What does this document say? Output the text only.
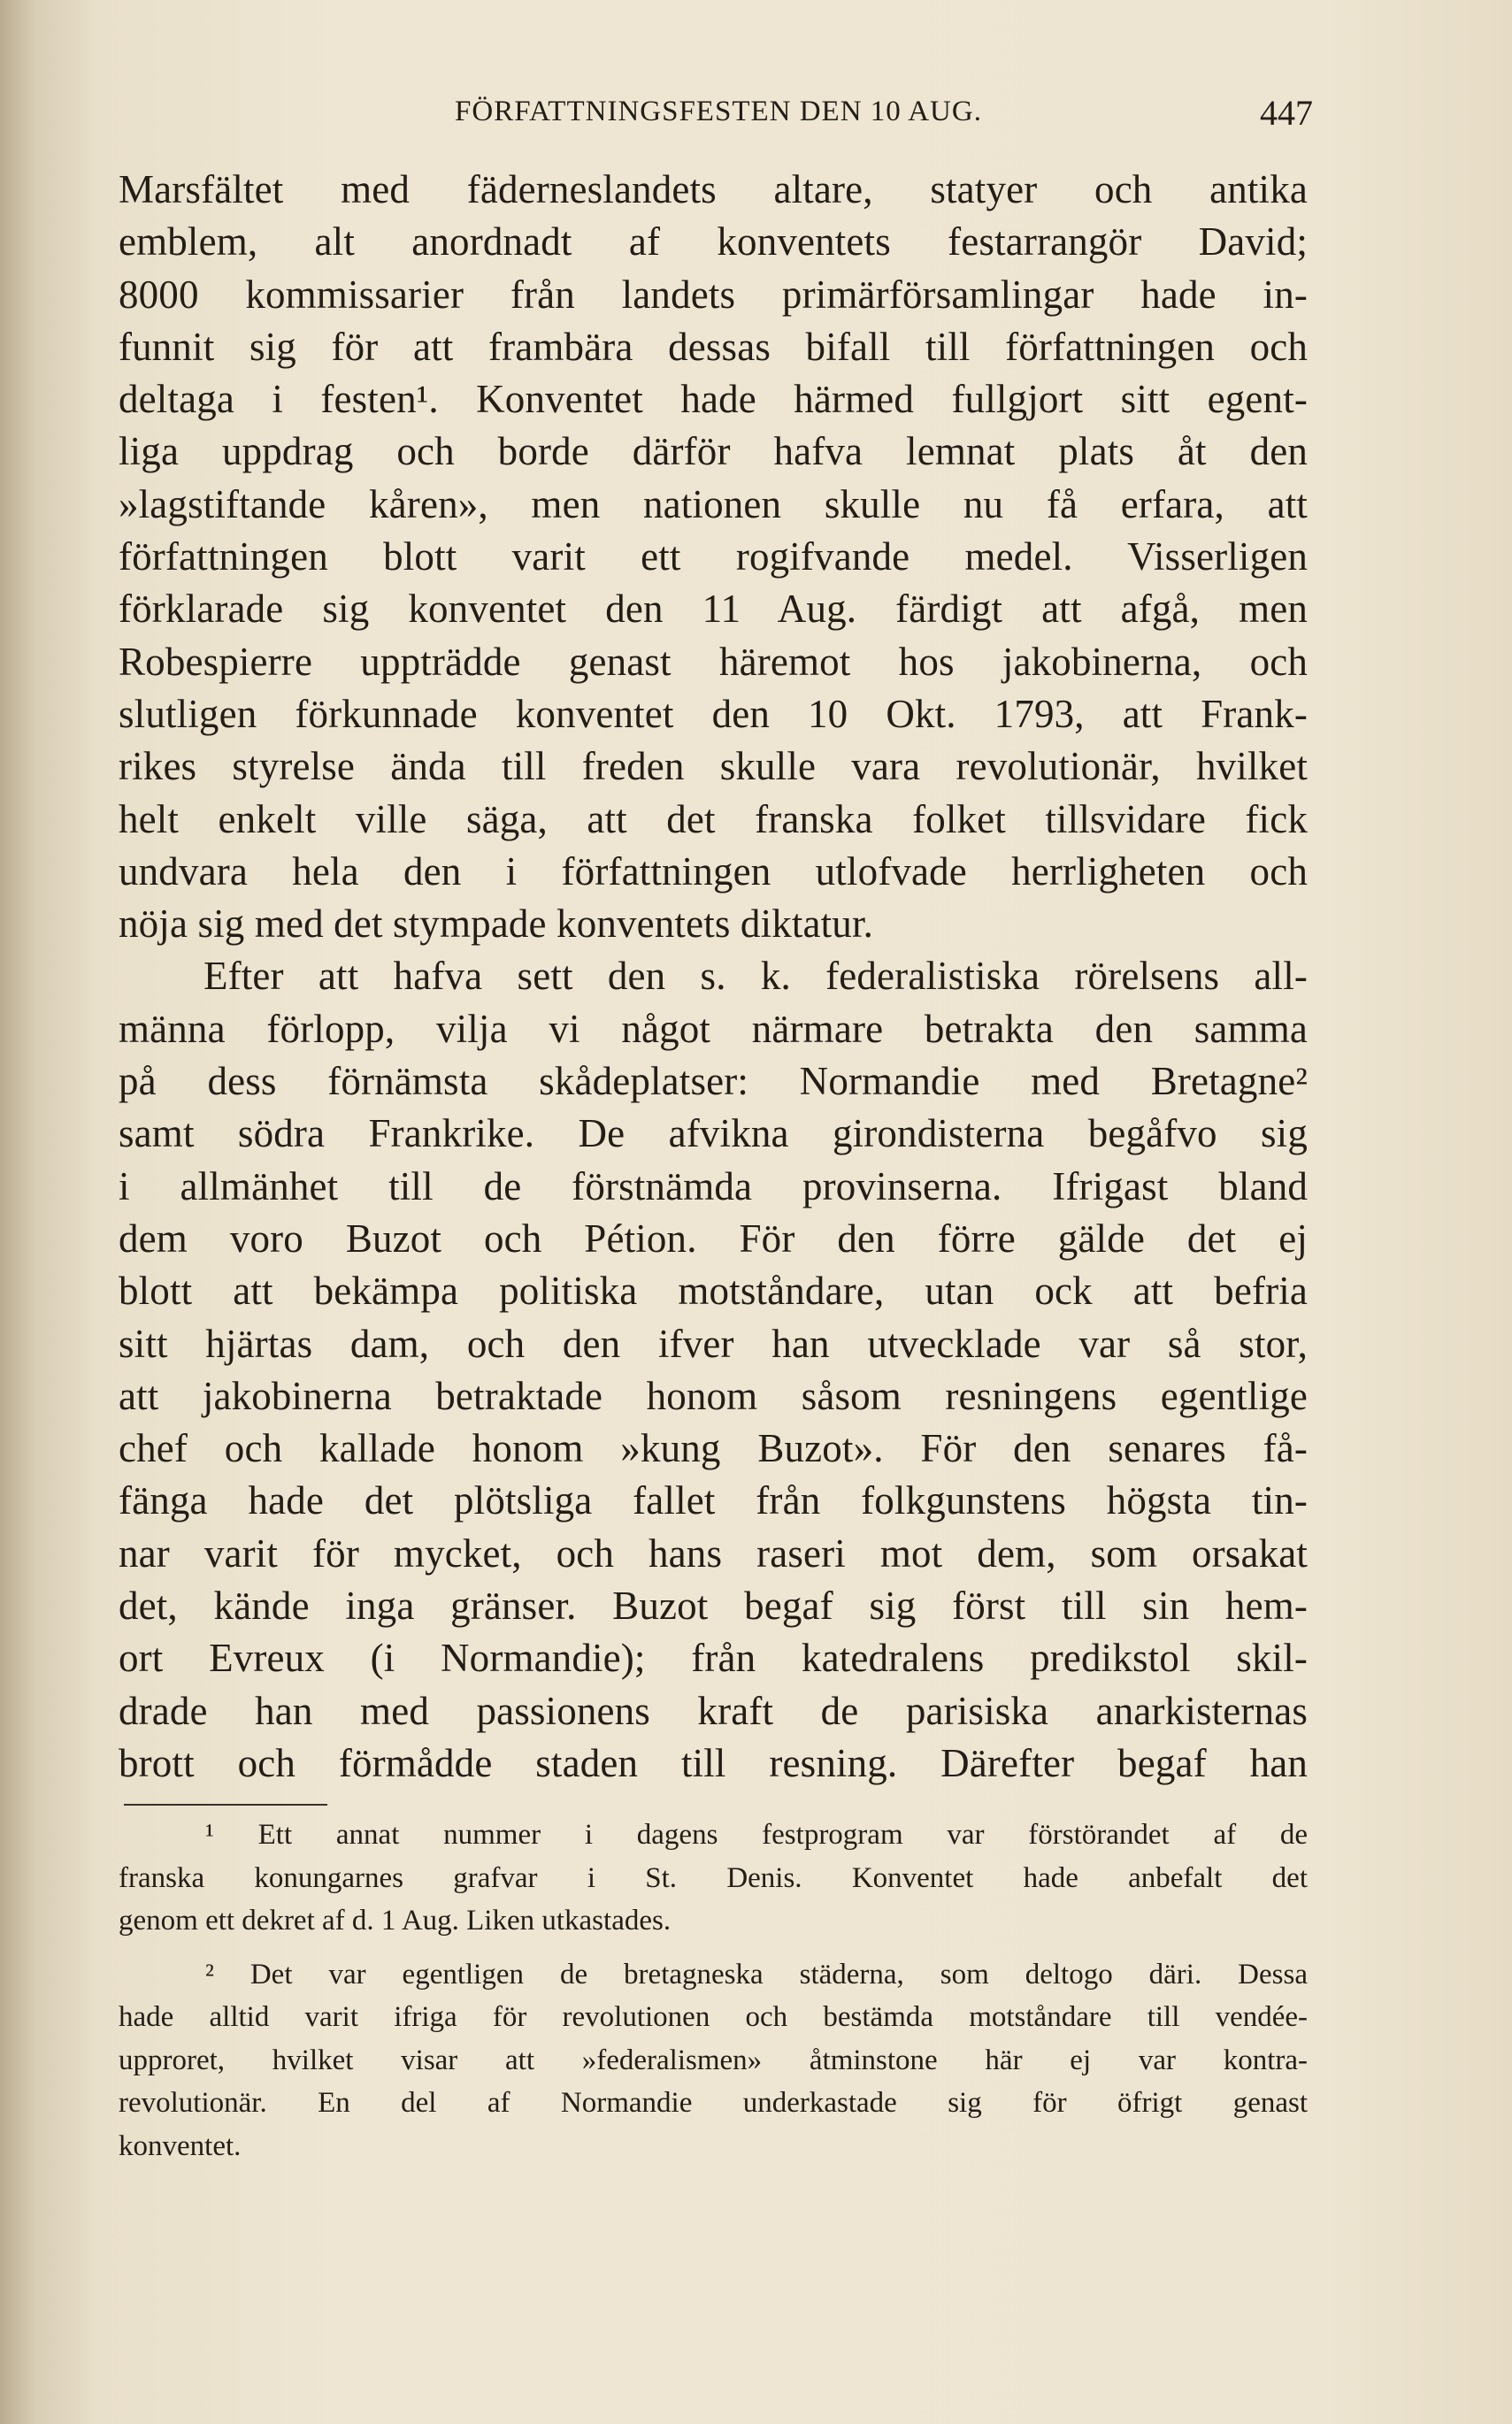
FÖRFATTNINGSFESTEN DEN 10 AUG.	447
Marsfältet med fäderneslandets altare, statyer och antika
emblem, alt anordnadt af konventets festarrangör David;
8000 kommissarier från landets primärförsamlingar hade in-
funnit sig för att frambära dessas bifall till författningen och
deltaga i festen¹. Konventet hade härmed fullgjort sitt egent-
liga uppdrag och borde därför hafva lemnat plats åt den
»lagstiftande kåren», men nationen skulle nu få erfara, att
författningen blott varit ett rogifvande medel. Visserligen
förklarade sig konventet den 11 Aug. färdigt att afgå, men
Robespierre uppträdde genast häremot hos jakobinerna, och
slutligen förkunnade konventet den 10 Okt. 1793, att Frank-
rikes styrelse ända till freden skulle vara revolutionär, hvilket
helt enkelt ville säga, att det franska folket tillsvidare fick
undvara hela den i författningen utlofvade herrligheten och
nöja sig med det stympade konventets diktatur.
Efter att hafva sett den s. k. federalistiska rörelsens all-
männa förlopp, vilja vi något närmare betrakta den samma
på dess förnämsta skådeplatser: Normandie med Bretagne²
samt södra Frankrike. De afvikna girondisterna begåfvo sig
i allmänhet till de förstnämda provinserna. Ifrigast bland
dem voro Buzot och Pétion. För den förre gälde det ej
blott att bekämpa politiska motståndare, utan ock att befria
sitt hjärtas dam, och den ifver han utvecklade var så stor,
att jakobinerna betraktade honom såsom resningens egentlige
chef och kallade honom »kung Buzot». För den senares få-
fänga hade det plötsliga fallet från folkgunstens högsta tin-
nar varit för mycket, och hans raseri mot dem, som orsakat
det, kände inga gränser. Buzot begaf sig först till sin hem-
ort Evreux (i Normandie); från katedralens predikstol skil-
drade han med passionens kraft de parisiska anarkisternas
brott och förmådde staden till resning. Därefter begaf han
¹ Ett annat nummer i dagens festprogram var förstörandet af de
franska konungarnes grafvar i St. Denis. Konventet hade anbefalt det
genom ett dekret af d. 1 Aug. Liken utkastades.
² Det var egentligen de bretagneska städerna, som deltogo däri. Dessa
hade alltid varit ifriga för revolutionen och bestämda motståndare till vendée-
upproret, hvilket visar att »federalismen» åtminstone här ej var kontra-
revolutionär. En del af Normandie underkastade sig för öfrigt genast
konventet.
